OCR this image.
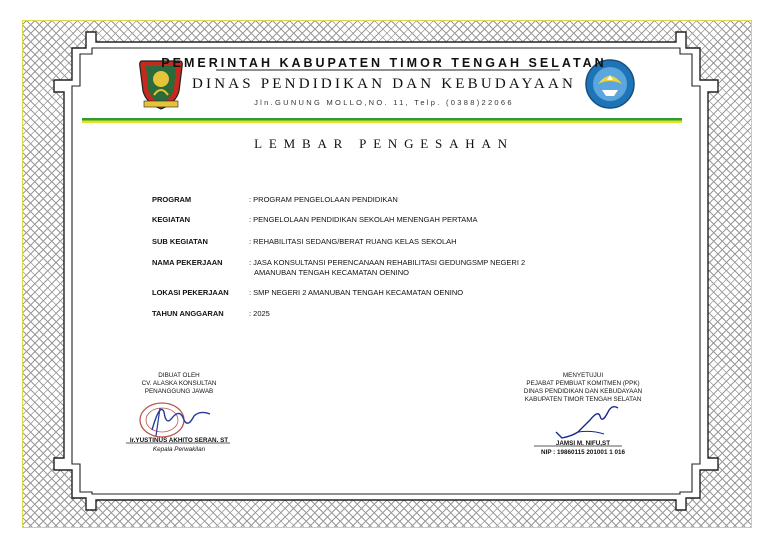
PEMERINTAH KABUPATEN TIMOR TENGAH SELATAN
DINAS PENDIDIKAN DAN KEBUDAYAAN
Jln.GUNUNG MOLLO,NO. 11, Telp. (0388)22066
LEMBAR PENGESAHAN
PROGRAM	: PROGRAM PENGELOLAAN PENDIDIKAN
KEGIATAN	: PENGELOLAAN PENDIDIKAN SEKOLAH MENENGAH PERTAMA
SUB KEGIATAN	: REHABILITASI SEDANG/BERAT RUANG KELAS SEKOLAH
NAMA PEKERJAAN	: JASA KONSULTANSI PERENCANAAN REHABILITASI GEDUNGSMP NEGERI 2
AMANUBAN TENGAH KECAMATAN OENINO
LOKASI PEKERJAAN	: SMP NEGERI 2 AMANUBAN TENGAH KECAMATAN OENINO
TAHUN ANGGARAN	: 2025
DIBUAT OLEH
CV. ALASKA KONSULTAN
PENANGGUNG JAWAB
Ir.YUSTINUS AKHITO SERAN. ST
Kepala Perwakilan
MENYETUJUI
PEJABAT PEMBUAT KOMITMEN (PPK)
DINAS PENDIDIKAN DAN KEBUDAYAAN
KABUPATEN TIMOR TENGAH SELATAN
JAMSI M. NIFU,ST
NIP : 19860115 201001 1 016
